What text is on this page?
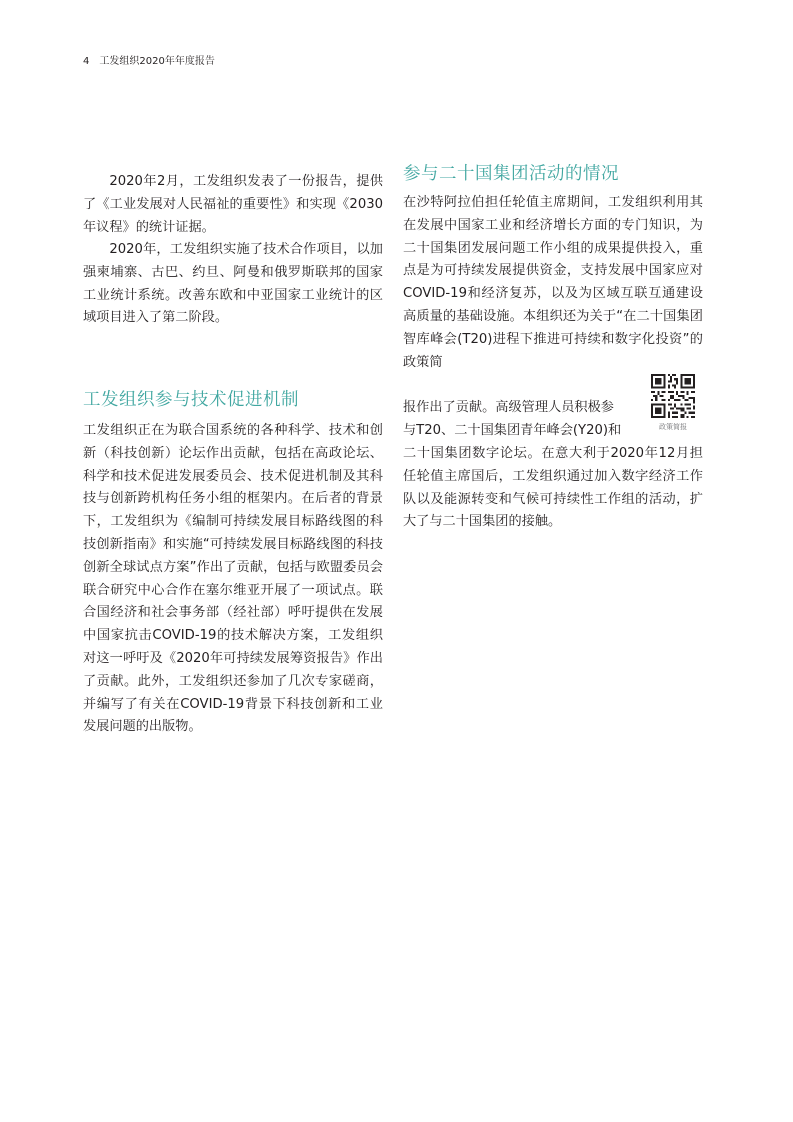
4 工发组织2020年年度报告

2020年2月，工发组织发表了一份报告，提供了《工业发展对人民福祉的重要性》和实现《2030年议程》的统计证据。

2020年，工发组织实施了技术合作项目，以加强柬埔寨、古巴、约旦、阿曼和俄罗斯联邦的国家工业统计系统。改善东欧和中亚国家工业统计的区域项目进入了第二阶段。

工发组织参与技术促进机制

工发组织正在为联合国系统的各种科学、技术和创新（科技创新）论坛作出贡献，包括在高政论坛、科学和技术促进发展委员会、技术促进机制及其科技与创新跨机构任务小组的框架内。在后者的背景下，工发组织为《编制可持续发展目标路线图的科技创新指南》和实施“可持续发展目标路线图的科技创新全球试点方案”作出了贡献，包括与欧盟委员会联合研究中心合作在塞尔维亚开展了一项试点。联合国经济和社会事务部（经社部）呼吁提供在发展中国家抗击COVID-19的技术解决方案，工发组织对这一呼吁及《2020年可持续发展筹资报告》作出了贡献。此外，工发组织还参加了几次专家磋商，并编写了有关在COVID-19背景下科技创新和工业发展问题的出版物。

参与二十国集团活动的情况

在沙特阿拉伯担任轮值主席期间，工发组织利用其在发展中国家工业和经济增长方面的专门知识，为二十国集团发展问题工作小组的成果提供投入，重点是为可持续发展提供资金，支持发展中国家应对COVID-19和经济复苏，以及为区域互联互通建设高质量的基础设施。本组织还为关于“在二十国集团智库峰会(T20)进程下推进可持续和数字化投资”的政策简

报作出了贡献。高级管理人员积极参

与T20、二十国集团青年峰会(Y20)和

二十国集团数字论坛。在意大利于2020年12月担任轮值主席国后，工发组织通过加入数字经济工作队以及能源转变和气候可持续性工作组的活动，扩大了与二十国集团的接触。

政策简报
